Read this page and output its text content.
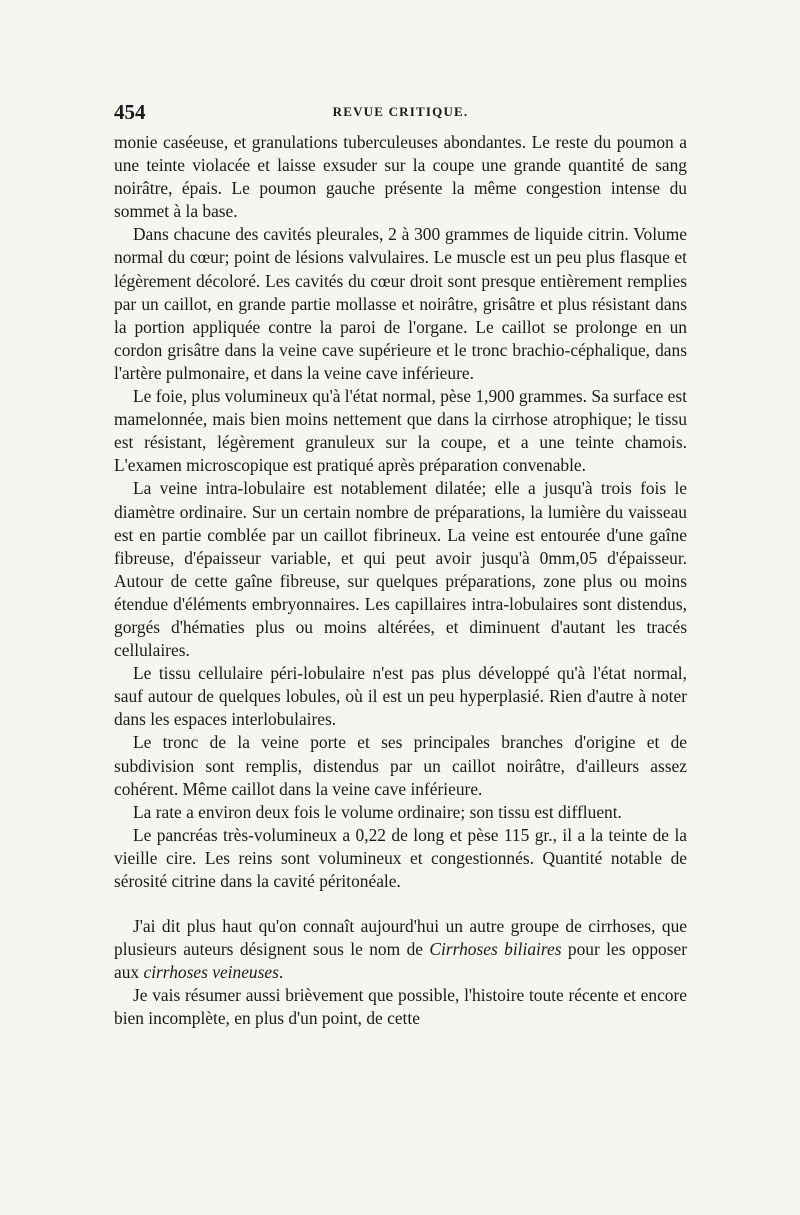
454	REVUE CRITIQUE.

monie caséeuse, et granulations tuberculeuses abondantes. Le reste du poumon a une teinte violacée et laisse exsuder sur la coupe une grande quantité de sang noirâtre, épais. Le poumon gauche présente la même congestion intense du sommet à la base.

Dans chacune des cavités pleurales, 2 à 300 grammes de liquide citrin. Volume normal du cœur; point de lésions valvulaires. Le muscle est un peu plus flasque et légèrement décoloré. Les cavités du cœur droit sont presque entièrement remplies par un caillot, en grande partie mollasse et noirâtre, grisâtre et plus résistant dans la portion appliquée contre la paroi de l'organe. Le caillot se prolonge en un cordon grisâtre dans la veine cave supérieure et le tronc brachio-céphalique, dans l'artère pulmonaire, et dans la veine cave inférieure.

Le foie, plus volumineux qu'à l'état normal, pèse 1,900 grammes. Sa surface est mamelonnée, mais bien moins nettement que dans la cirrhose atrophique; le tissu est résistant, légèrement granuleux sur la coupe, et a une teinte chamois. L'examen microscopique est pratiqué après préparation convenable.

La veine intra-lobulaire est notablement dilatée; elle a jusqu'à trois fois le diamètre ordinaire. Sur un certain nombre de préparations, la lumière du vaisseau est en partie comblée par un caillot fibrineux. La veine est entourée d'une gaîne fibreuse, d'épaisseur variable, et qui peut avoir jusqu'à 0mm,05 d'épaisseur. Autour de cette gaîne fibreuse, sur quelques préparations, zone plus ou moins étendue d'éléments embryonnaires. Les capillaires intra-lobulaires sont distendus, gorgés d'hématies plus ou moins altérées, et diminuent d'autant les tracés cellulaires.

Le tissu cellulaire péri-lobulaire n'est pas plus développé qu'à l'état normal, sauf autour de quelques lobules, où il est un peu hyperplasié. Rien d'autre à noter dans les espaces interlobulaires.

Le tronc de la veine porte et ses principales branches d'origine et de subdivision sont remplis, distendus par un caillot noirâtre, d'ailleurs assez cohérent. Même caillot dans la veine cave inférieure.

La rate a environ deux fois le volume ordinaire; son tissu est diffluent.

Le pancréas très-volumineux a 0,22 de long et pèse 115 gr., il a la teinte de la vieille cire. Les reins sont volumineux et congestionnés. Quantité notable de sérosité citrine dans la cavité péritonéale.

J'ai dit plus haut qu'on connaît aujourd'hui un autre groupe de cirrhoses, que plusieurs auteurs désignent sous le nom de Cirrhoses biliaires pour les opposer aux cirrhoses veineuses.

Je vais résumer aussi brièvement que possible, l'histoire toute récente et encore bien incomplète, en plus d'un point, de cette
